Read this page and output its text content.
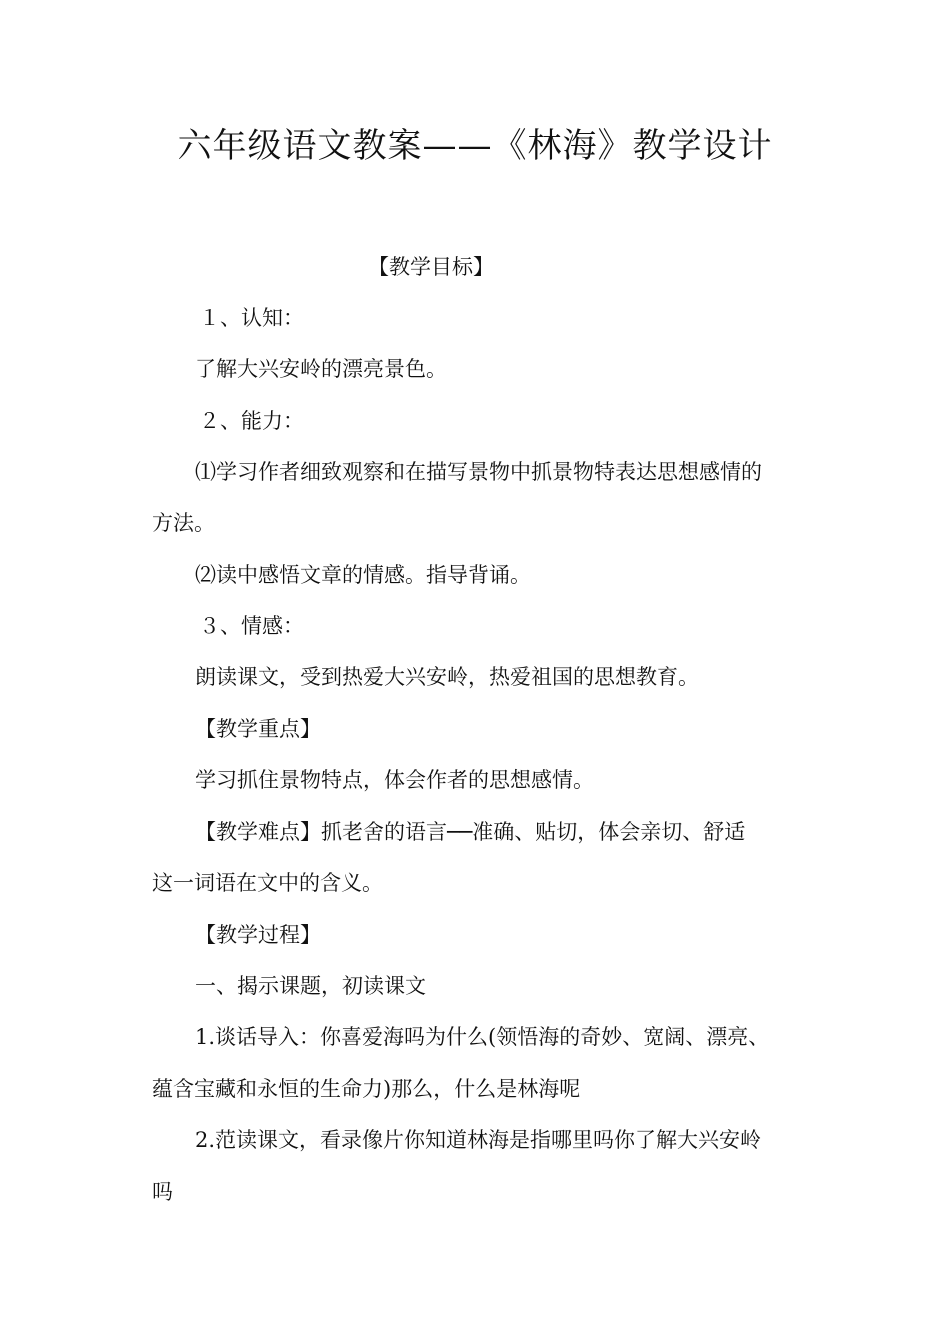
六年级语文教案——《林海》教学设计
【教学目标】
１、认知：
了解大兴安岭的漂亮景色。
２、能力：
⑴学习作者细致观察和在描写景物中抓景物特表达思想感情的
方法。
⑵读中感悟文章的情感。指导背诵。
３、情感：
朗读课文，受到热爱大兴安岭，热爱祖国的思想教育。
【教学重点】
学习抓住景物特点，体会作者的思想感情。
【教学难点】抓老舍的语言──准确、贴切，体会亲切、舒适
这一词语在文中的含义。
【教学过程】
一、揭示课题，初读课文
1.谈话导入：你喜爱海吗为什么(领悟海的奇妙、宽阔、漂亮、
蕴含宝藏和永恒的生命力)那么，什么是林海呢
2.范读课文，看录像片你知道林海是指哪里吗你了解大兴安岭
吗
